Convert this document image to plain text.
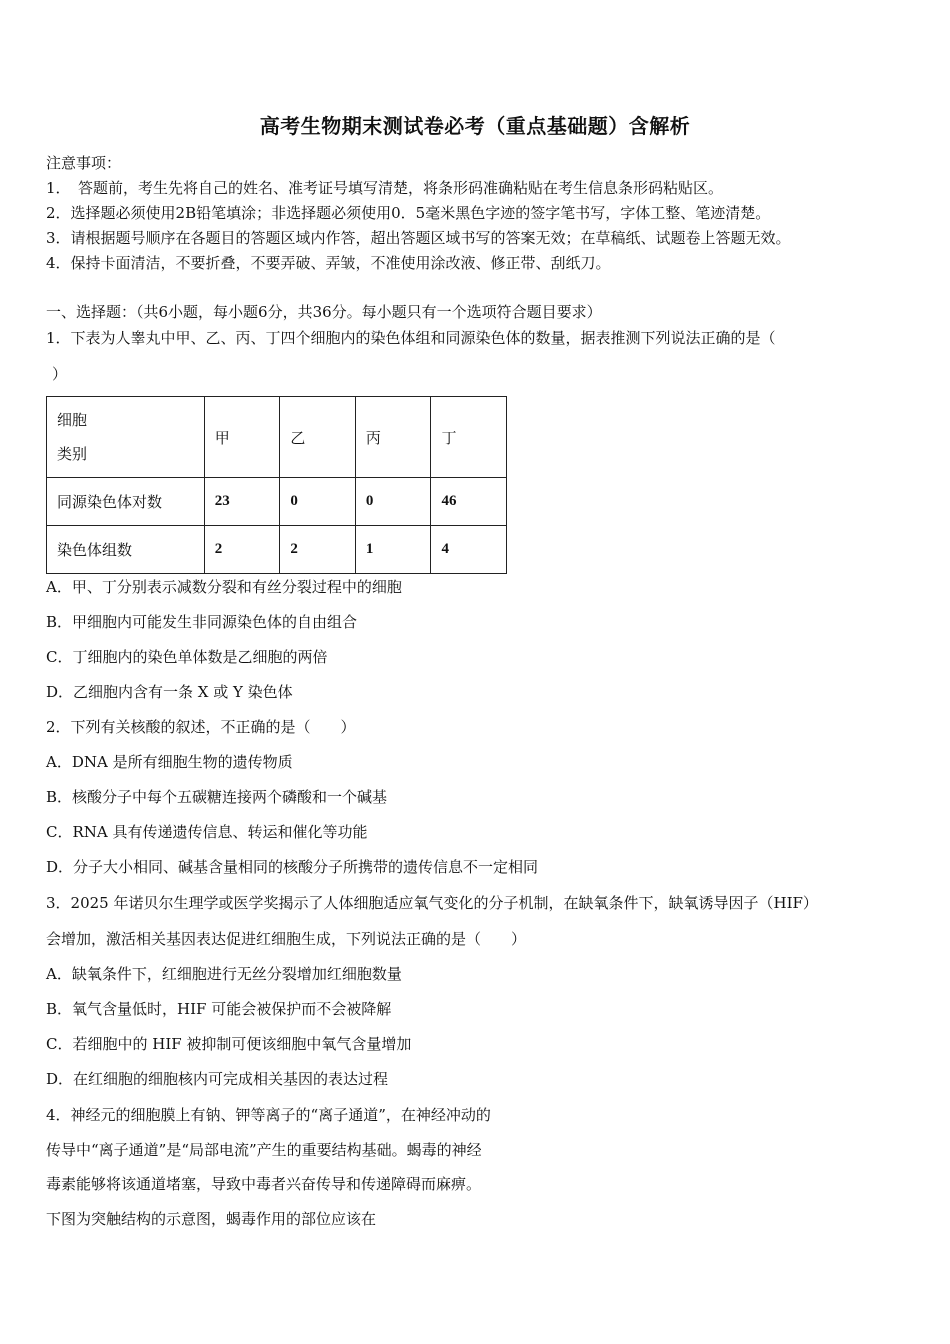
高考生物期末测试卷必考（重点基础题）含解析
注意事项：
1．　答题前，考生先将自己的姓名、准考证号填写清楚，将条形码准确粘贴在考生信息条形码粘贴区。
2．选择题必须使用2B铅笔填涂；非选择题必须使用0．5毫米黑色字迹的签字笔书写，字体工整、笔迹清楚。
3．请根据题号顺序在各题目的答题区域内作答，超出答题区域书写的答案无效；在草稿纸、试题卷上答题无效。
4．保持卡面清洁，不要折叠，不要弄破、弄皱，不准使用涂改液、修正带、刮纸刀。
一、选择题：（共6小题，每小题6分，共36分。每小题只有一个选项符合题目要求）
1．下表为人睾丸中甲、乙、丙、丁四个细胞内的染色体组和同源染色体的数量，据表推测下列说法正确的是（
）
细胞
类别	甲	乙	丙	丁
同源染色体对数	23	0	0	46
染色体组数	2	2	1	4
A．甲、丁分别表示减数分裂和有丝分裂过程中的细胞
B．甲细胞内可能发生非同源染色体的自由组合
C．丁细胞内的染色单体数是乙细胞的两倍
D．乙细胞内含有一条 X 或 Y 染色体
2．下列有关核酸的叙述，不正确的是（　　）
A．DNA 是所有细胞生物的遗传物质
B．核酸分子中每个五碳糖连接两个磷酸和一个碱基
C．RNA 具有传递遗传信息、转运和催化等功能
D．分子大小相同、碱基含量相同的核酸分子所携带的遗传信息不一定相同
3．2025 年诺贝尔生理学或医学奖揭示了人体细胞适应氧气变化的分子机制，在缺氧条件下，缺氧诱导因子（HIF）
会增加，激活相关基因表达促进红细胞生成，下列说法正确的是（　　）
A．缺氧条件下，红细胞进行无丝分裂增加红细胞数量
B．氧气含量低时，HIF 可能会被保护而不会被降解
C．若细胞中的 HIF 被抑制可便该细胞中氧气含量增加
D．在红细胞的细胞核内可完成相关基因的表达过程
4．神经元的细胞膜上有钠、钾等离子的“离子通道”，在神经冲动的
传导中“离子通道”是“局部电流”产生的重要结构基础。蝎毒的神经
毒素能够将该通道堵塞，导致中毒者兴奋传导和传递障碍而麻痹。
下图为突触结构的示意图，蝎毒作用的部位应该在
